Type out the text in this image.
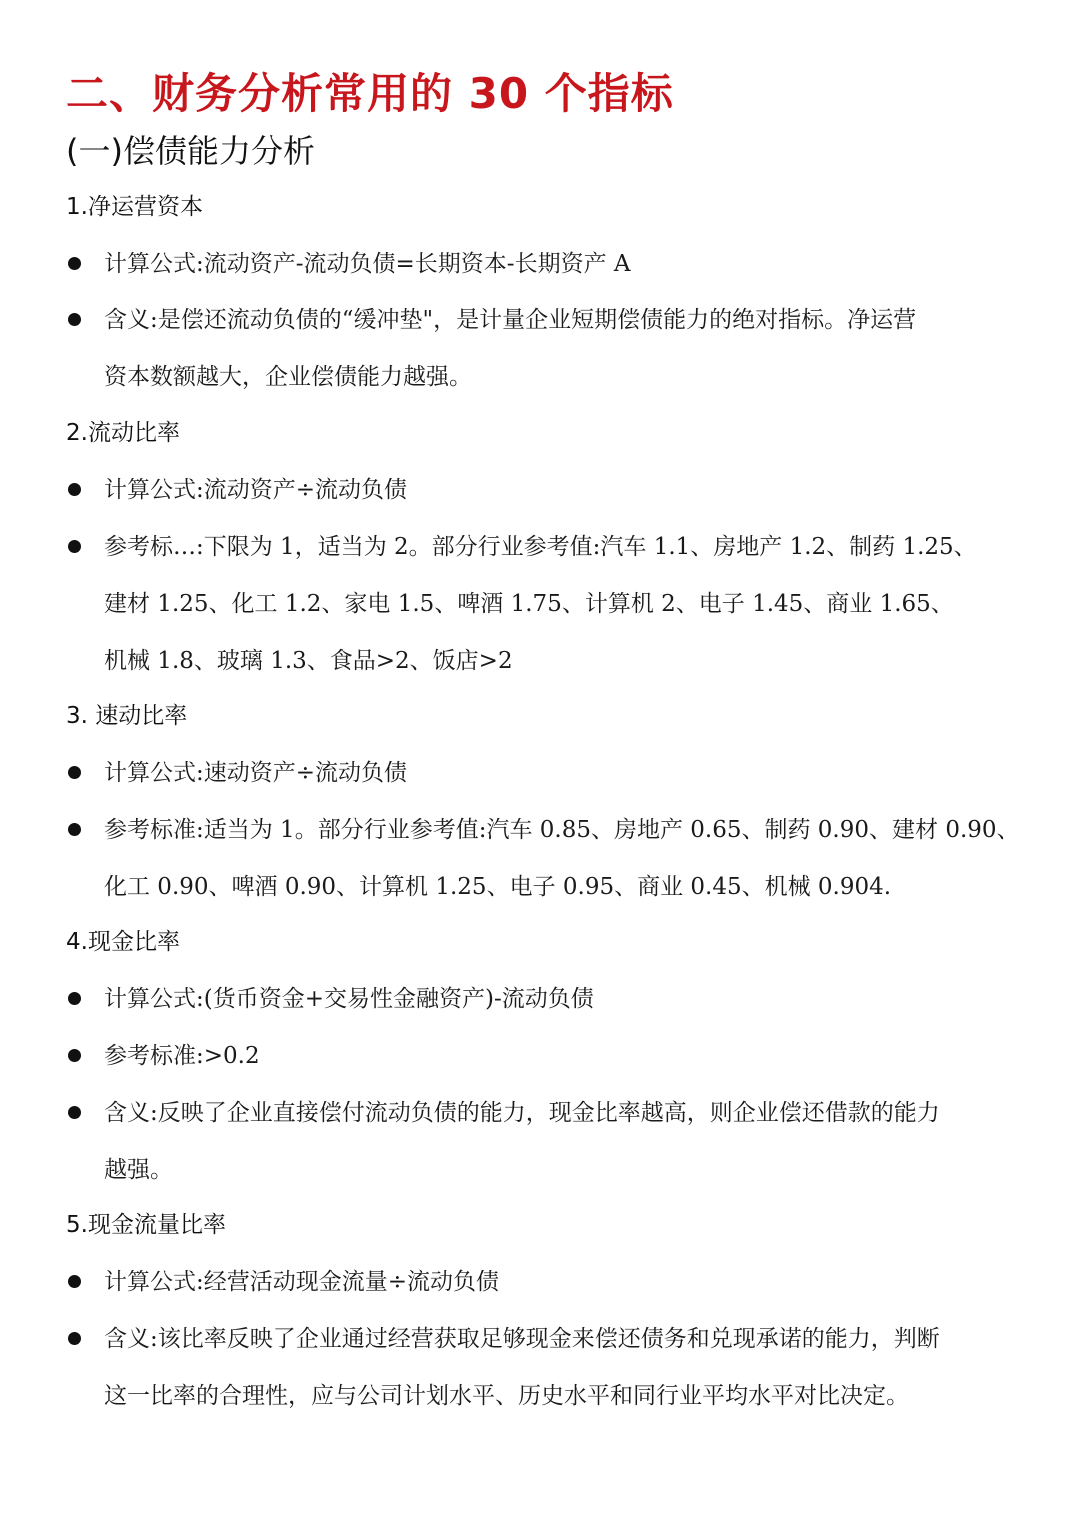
二、财务分析常用的 30 个指标
(一)偿债能力分析
1.净运营资本
计算公式:流动资产-流动负债=长期资本-长期资产 A
含义:是偿还流动负债的“缓冲垫"，是计量企业短期偿债能力的绝对指标。净运营
资本数额越大，企业偿债能力越强。
2.流动比率
计算公式:流动资产÷流动负债
参考标…:下限为 1，适当为 2。部分行业参考值:汽车 1.1、房地产 1.2、制药 1.25、
建材 1.25、化工 1.2、家电 1.5、啤酒 1.75、计算机 2、电子 1.45、商业 1.65、
机械 1.8、玻璃 1.3、食品>2、饭店>2
3. 速动比率
计算公式:速动资产÷流动负债
参考标准:适当为 1。部分行业参考值:汽车 0.85、房地产 0.65、制药 0.90、建材 0.90、
化工 0.90、啤酒 0.90、计算机 1.25、电子 0.95、商业 0.45、机械 0.904.
4.现金比率
计算公式:(货币资金+交易性金融资产)-流动负债
参考标准:>0.2
含义:反映了企业直接偿付流动负债的能力，现金比率越高，则企业偿还借款的能力
越强。
5.现金流量比率
计算公式:经营活动现金流量÷流动负债
含义:该比率反映了企业通过经营获取足够现金来偿还债务和兑现承诺的能力，判断
这一比率的合理性，应与公司计划水平、历史水平和同行业平均水平对比决定。
